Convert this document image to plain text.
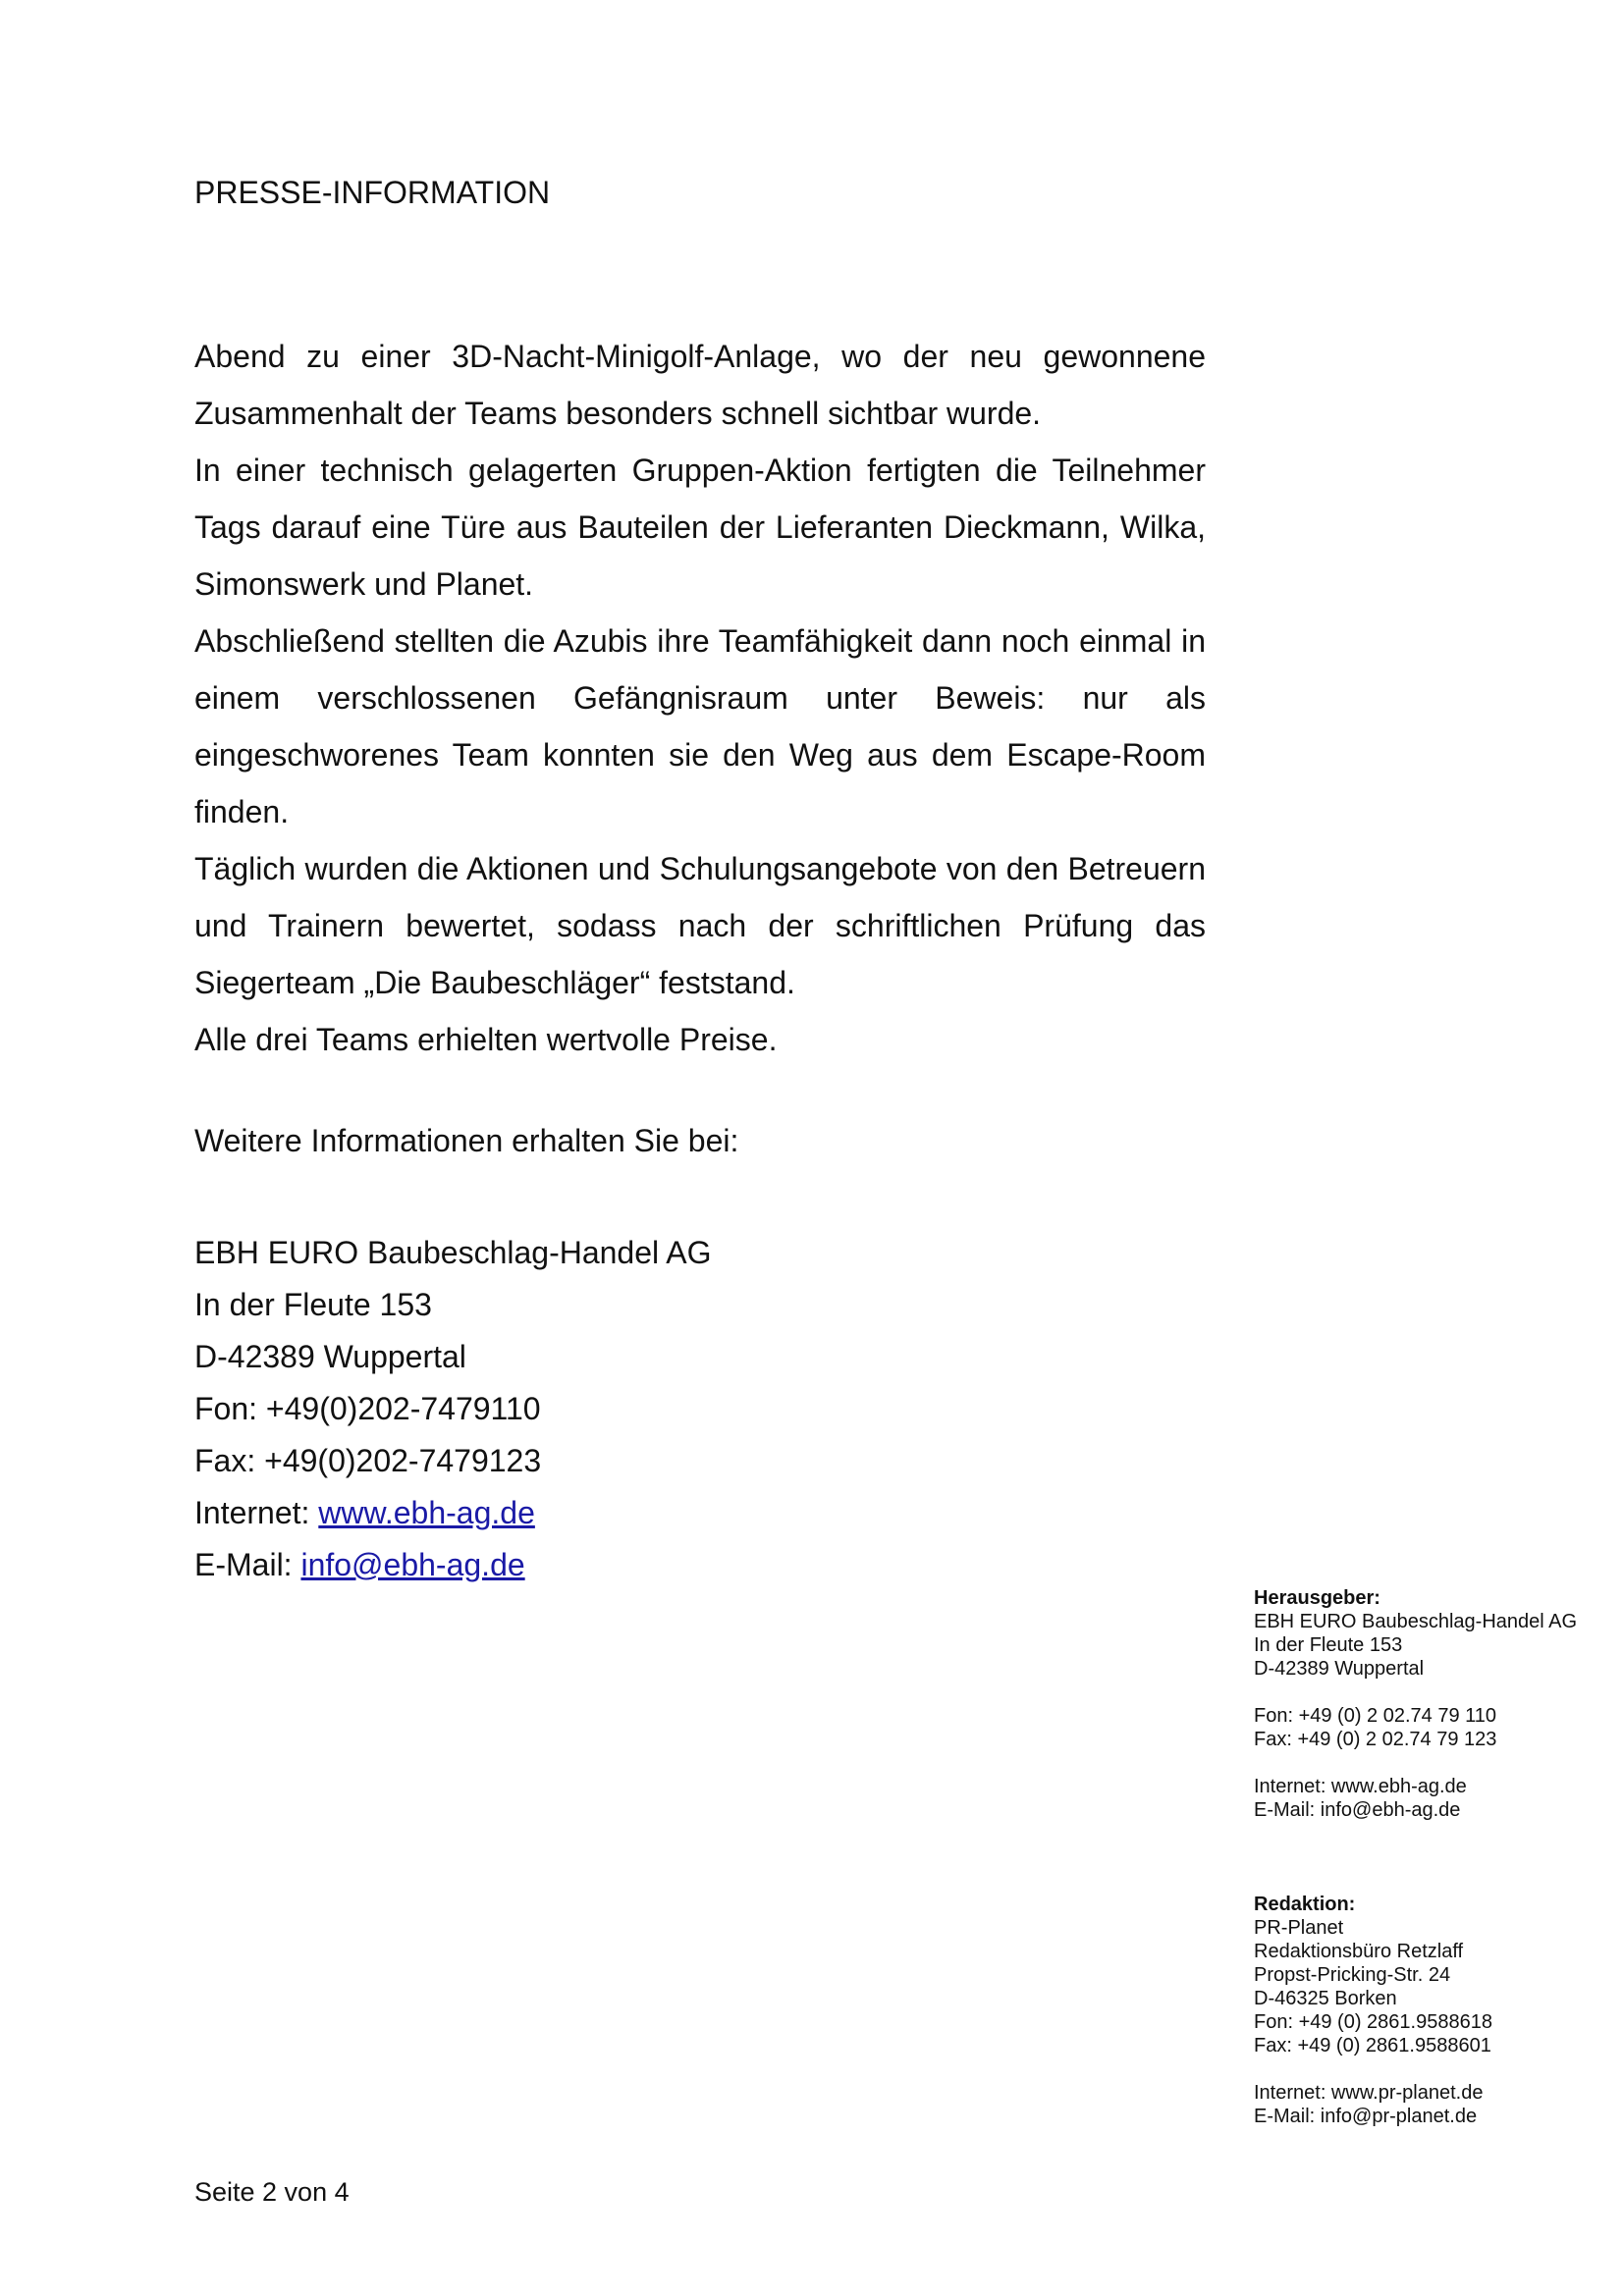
PRESSE-INFORMATION

Abend zu einer 3D-Nacht-Minigolf-Anlage, wo der neu gewonnene Zusammenhalt der Teams besonders schnell sichtbar wurde.

In einer technisch gelagerten Gruppen-Aktion fertigten die Teilnehmer Tags darauf eine Türe aus Bauteilen der Lieferanten Dieckmann, Wilka, Simonswerk und Planet.

Abschließend stellten die Azubis ihre Teamfähigkeit dann noch einmal in einem verschlossenen Gefängnisraum unter Beweis: nur als eingeschworenes Team konnten sie den Weg aus dem Escape-Room finden.

Täglich wurden die Aktionen und Schulungsangebote von den Betreuern und Trainern bewertet, sodass nach der schriftlichen Prüfung das Siegerteam „Die Baubeschläger“ feststand.

Alle drei Teams erhielten wertvolle Preise.

Weitere Informationen erhalten Sie bei:
EBH EURO Baubeschlag-Handel AG
In der Fleute 153
D-42389 Wuppertal
Fon: +49(0)202-7479110
Fax: +49(0)202-7479123
Internet: www.ebh-ag.de
E-Mail: info@ebh-ag.de
Herausgeber:
EBH EURO Baubeschlag-Handel AG
In der Fleute 153
D-42389 Wuppertal
Fon: +49 (0) 2 02.74 79 110
Fax: +49 (0) 2 02.74 79 123
Internet: www.ebh-ag.de
E-Mail: info@ebh-ag.de
Redaktion:
PR-Planet
Redaktionsbüro Retzlaff
Propst-Pricking-Str. 24
D-46325 Borken
Fon: +49 (0) 2861.9588618
Fax: +49 (0) 2861.9588601
Internet: www.pr-planet.de
E-Mail: info@pr-planet.de
Seite 2 von 4
